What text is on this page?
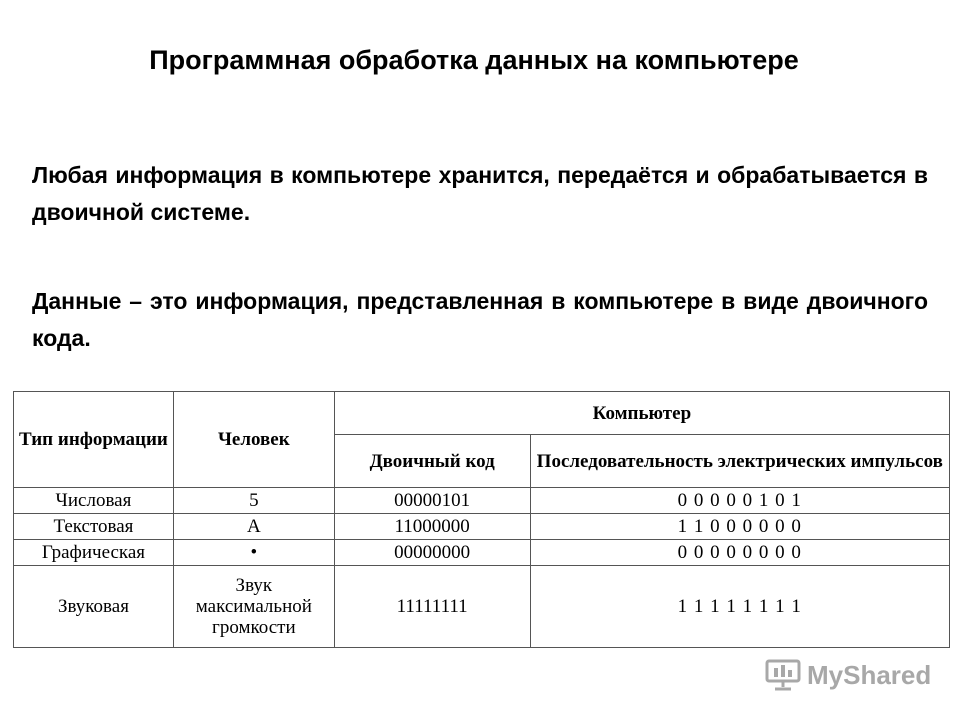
Программная обработка данных на компьютере
Любая информация в компьютере хранится, передаётся и обрабатывается в двоичной системе.
Данные – это информация, представленная в компьютере в виде двоичного кода.
Тип информации	Человек	Компьютер	
		Двоичный код	Последовательность электрических импульсов
Числовая	5	00000101	0 0 0 0 0 1 0 1
Текстовая	А	11000000	1 1 0 0 0 0 0 0
Графическая	•	00000000	0 0 0 0 0 0 0 0
Звуковая	Звук максимальной громкости	11111111	1 1 1 1 1 1 1 1
MyShared
